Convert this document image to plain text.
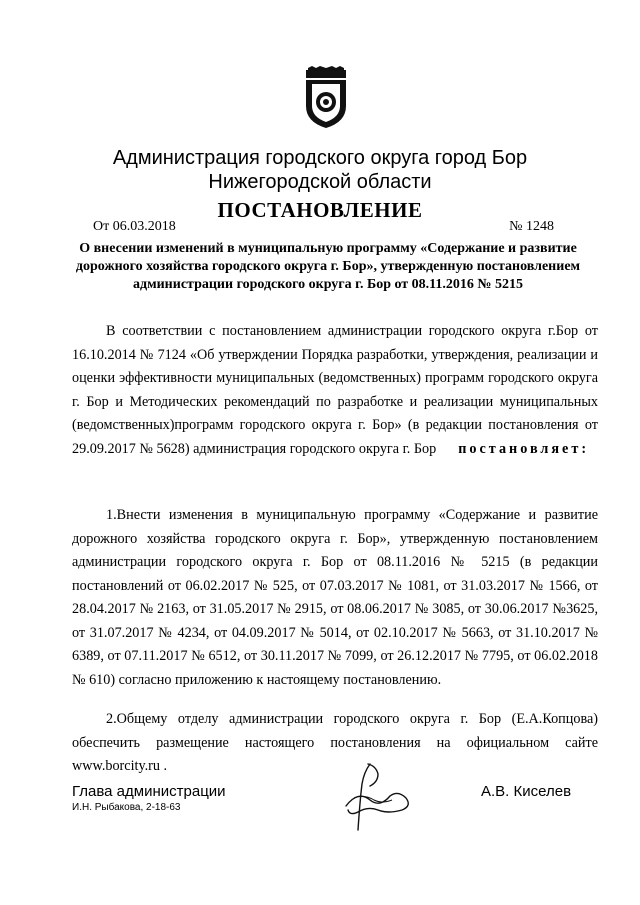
Администрация городского округа город Бор
Нижегородской области
ПОСТАНОВЛЕНИЕ
От 06.03.2018	№ 1248
О внесении изменений в муниципальную программу «Содержание и развитие дорожного хозяйства городского округа г. Бор», утвержденную постановлением администрации городского округа г. Бор от 08.11.2016 № 5215
В соответствии с постановлением администрации городского округа г.Бор от 16.10.2014 № 7124 «Об утверждении Порядка разработки, утверждения, реализации и оценки эффективности муниципальных (ведомственных) программ городского округа г. Бор и Методических рекомендаций по разработке и реализации муниципальных (ведомственных)программ городского округа г. Бор» (в редакции постановления от 29.09.2017 № 5628) администрация городского округа г. Бор постановляет:
1.Внести изменения в муниципальную программу «Содержание и развитие дорожного хозяйства городского округа г. Бор», утвержденную постановлением администрации городского округа г. Бор от 08.11.2016 № 5215 (в редакции постановлений от 06.02.2017 № 525, от 07.03.2017 № 1081, от 31.03.2017 № 1566, от 28.04.2017 № 2163, от 31.05.2017 № 2915, от 08.06.2017 № 3085, от 30.06.2017 №3625, от 31.07.2017 № 4234, от 04.09.2017 № 5014, от 02.10.2017 № 5663, от 31.10.2017 № 6389, от 07.11.2017 № 6512, от 30.11.2017 № 7099, от 26.12.2017 № 7795, от 06.02.2018 № 610) согласно приложению к настоящему постановлению.
2.Общему отделу администрации городского округа г. Бор (Е.А.Копцова) обеспечить размещение настоящего постановления на официальном сайте www.borcity.ru .
Глава администрации	А.В. Киселев
И.Н. Рыбакова, 2-18-63
